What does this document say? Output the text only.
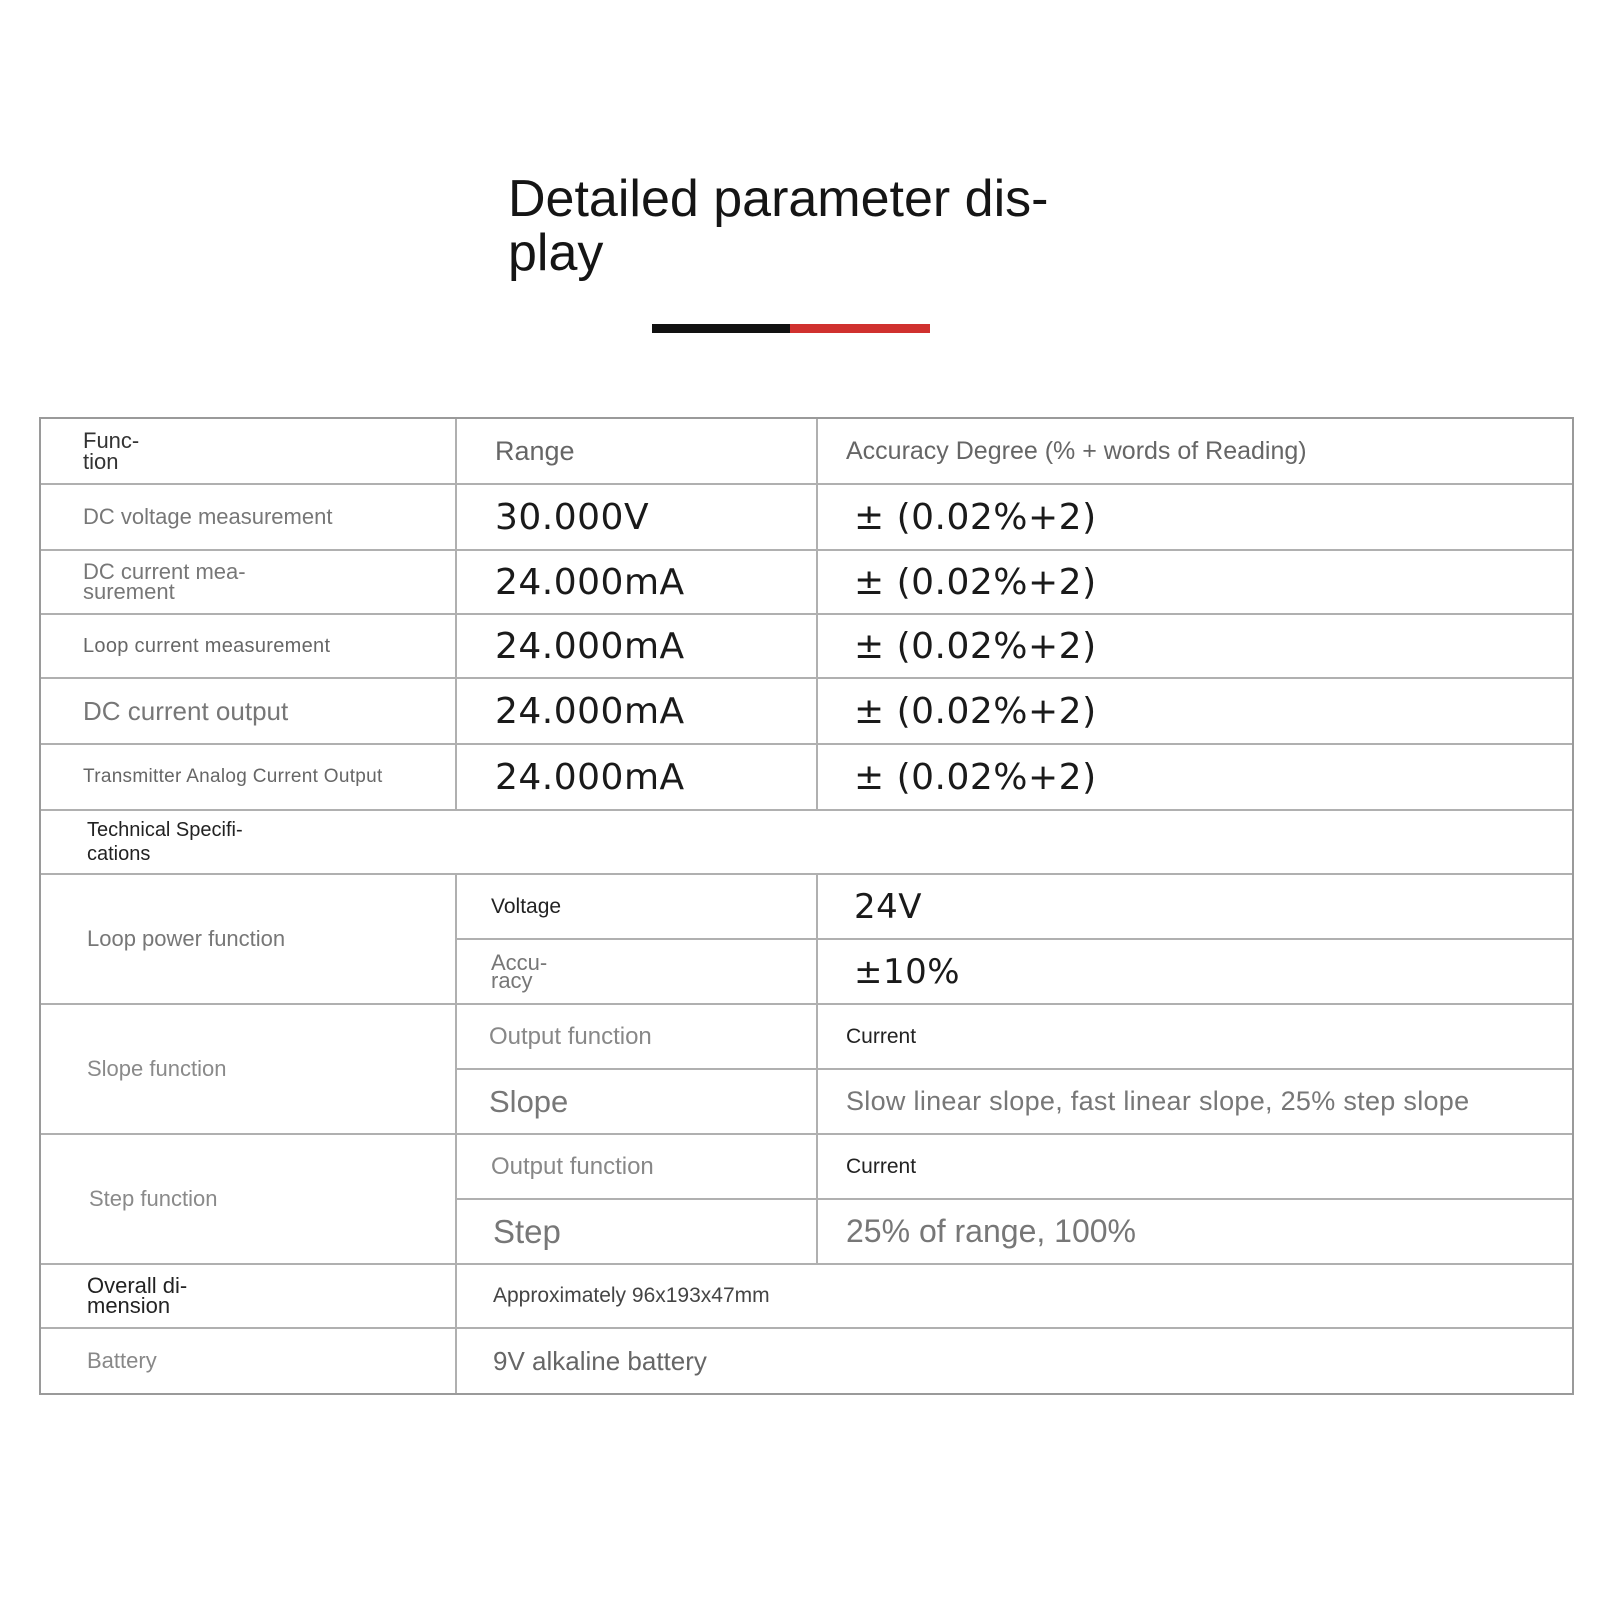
Detailed parameter dis- play
Func- tion	Range	Accuracy Degree (% + words of Reading)
DC voltage measurement	30.000V	± (0.02%+2)
DC current mea- surement	24.000mA	± (0.02%+2)
Loop current measurement	24.000mA	± (0.02%+2)
DC current output	24.000mA	± (0.02%+2)
Transmitter Analog Current Output	24.000mA	± (0.02%+2)
Technical Specifi- cations
Loop power function
Voltage	24V
Accu- racy	±10%
Slope function
Output function	Current
Slope	Slow linear slope, fast linear slope, 25% step slope
Step function
Output function	Current
Step	25% of range, 100%
Overall di- mension	Approximately 96x193x47mm
Battery	9V alkaline battery
